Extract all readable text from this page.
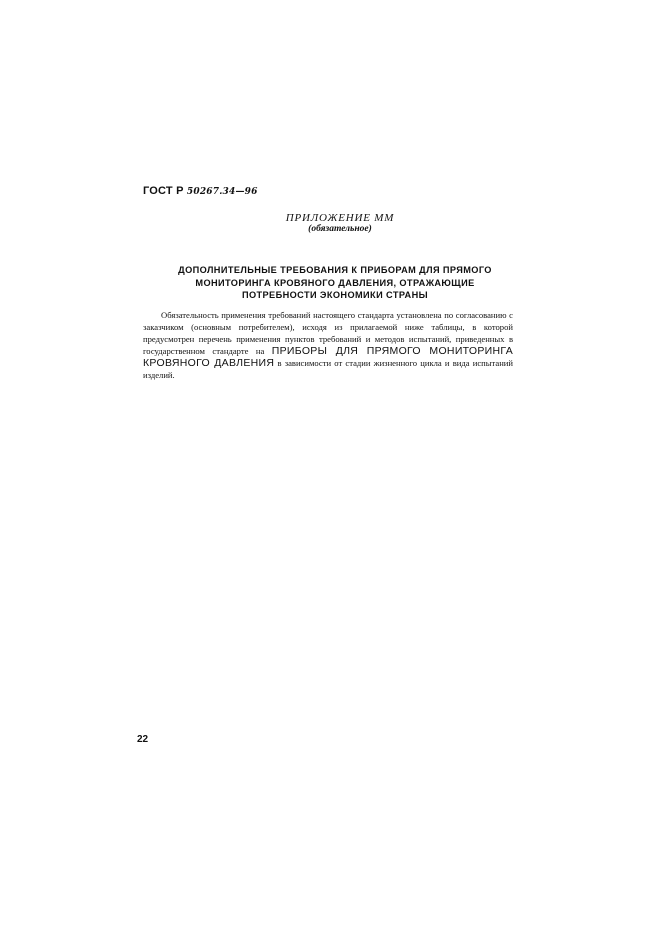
ГОСТ Р 50267.34—96
ПРИЛОЖЕНИЕ ММ
(обязательное)
ДОПОЛНИТЕЛЬНЫЕ ТРЕБОВАНИЯ К ПРИБОРАМ ДЛЯ ПРЯМОГО
МОНИТОРИНГА КРОВЯНОГО ДАВЛЕНИЯ, ОТРАЖАЮЩИЕ
ПОТРЕБНОСТИ ЭКОНОМИКИ СТРАНЫ

Обязательность применения требований настоящего стандарта установлена по согласованию с заказчиком (основным потребителем), исходя из прилагаемой ниже таблицы, в которой предусмотрен перечень применения пунктов требований и методов испытаний, приведенных в государственном стандарте на ПРИБОРЫ ДЛЯ ПРЯМОГО МОНИТОРИНГА КРОВЯНОГО ДАВЛЕНИЯ в зависимости от стадии жизненного цикла и вида испытаний изделий.

22
